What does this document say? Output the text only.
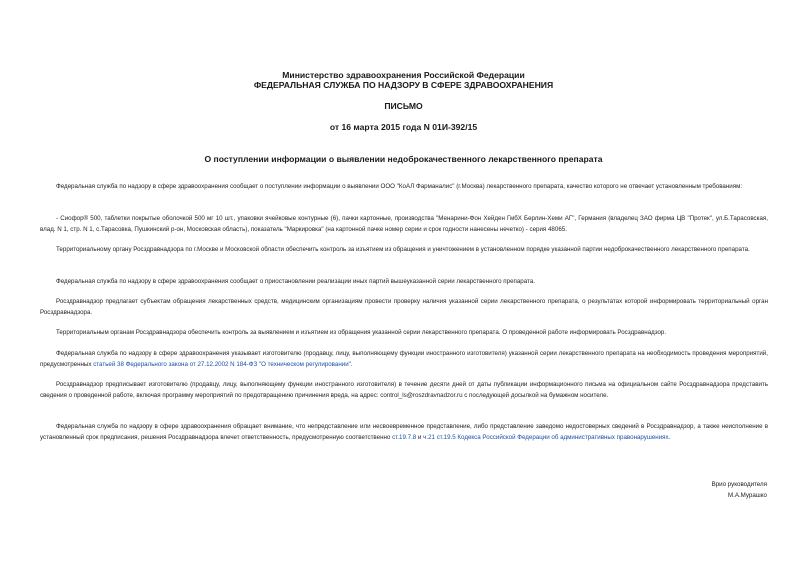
Министерство здравоохранения Российской Федерации
ФЕДЕРАЛЬНАЯ СЛУЖБА ПО НАДЗОРУ В СФЕРЕ ЗДРАВООХРАНЕНИЯ
ПИСЬМО
от 16 марта 2015 года N 01И-392/15
О поступлении информации о выявлении недоброкачественного лекарственного препарата
Федеральная служба по надзору в сфере здравоохранения сообщает о поступлении информации о выявлении ООО "КоАЛ Фарманалис" (г.Москва) лекарственного препарата, качество которого не отвечает установленным требованиям:
- Сиофор® 500, таблетки покрытые оболочкой 500 мг 10 шт., упаковки ячейковые контурные (6), пачки картонные, производства "Менарини-Фон Хейден ГмбХ Берлин-Хеми АГ", Германия (владелец ЗАО фирма ЦВ "Протек", ул.Б.Тарасовская, влад. N 1, стр. N 1, с.Тарасовка, Пушкинский р-он, Московская область), показатель "Маркировка" (на картонной пачке номер серии и срок годности нанесены нечетко) - серия 48065.
Территориальному органу Росздравнадзора по г.Москве и Московской области обеспечить контроль за изъятием из обращения и уничтожением в установленном порядке указанной партии недоброкачественного лекарственного препарата.
Федеральная служба по надзору в сфере здравоохранения сообщает о приостановлении реализации иных партий вышеуказанной серии лекарственного препарата.
Росздравнадзор предлагает субъектам обращения лекарственных средств, медицинским организациям провести проверку наличия указанной серии лекарственного препарата, о результатах которой информировать территориальный орган Росздравнадзора.
Территориальным органам Росздравнадзора обеспечить контроль за выявлением и изъятием из обращения указанной серии лекарственного препарата. О проведенной работе информировать Росздравнадзор.
Федеральная служба по надзору в сфере здравоохранения указывает изготовителю (продавцу, лицу, выполняющему функции иностранного изготовителя) указанной серии лекарственного препарата на необходимость проведения мероприятий, предусмотренных статьей 38 Федерального закона от 27.12.2002 N 184-ФЗ "О техническом регулировании".
Росздравнадзор предписывает изготовителю (продавцу, лицу, выполняющему функции иностранного изготовителя) в течение десяти дней от даты публикации информационного письма на официальном сайте Росздравнадзора представить сведения о проведенной работе, включая программу мероприятий по предотвращению причинения вреда, на адрес: control_ls@roszdravnadzor.ru с последующей досылкой на бумажном носителе.
Федеральная служба по надзору в сфере здравоохранения обращает внимание, что непредставление или несвоевременное представление, либо представление заведомо недостоверных сведений в Росздравнадзор, а также неисполнение в установленный срок предписания, решения Росздравнадзора влечет ответственность, предусмотренную соответственно ст.19.7.8 и ч.21 ст.19.5 Кодекса Российской Федерации об административных правонарушениях.
Врио руководителя
М.А.Мурашко
